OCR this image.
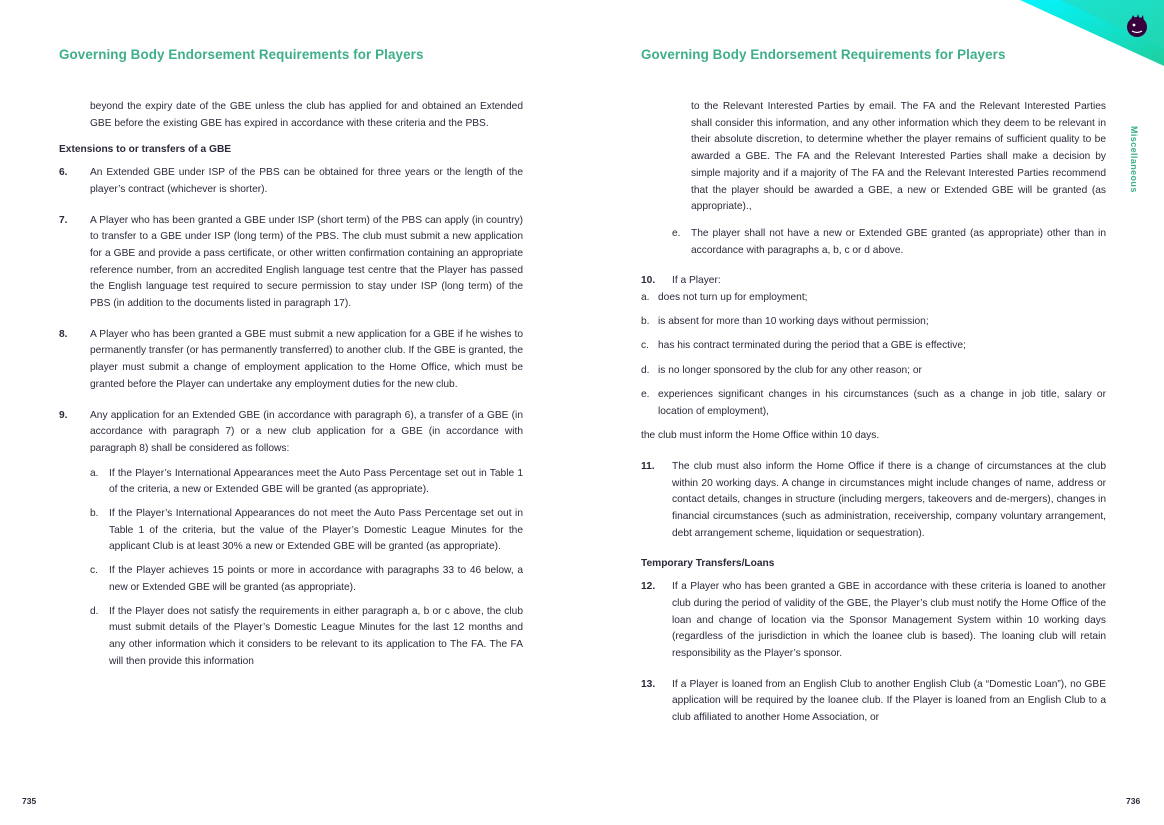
Governing Body Endorsement Requirements for Players

beyond the expiry date of the GBE unless the club has applied for and obtained an Extended GBE before the existing GBE has expired in accordance with these criteria and the PBS.

Extensions to or transfers of a GBE

6. An Extended GBE under ISP of the PBS can be obtained for three years or the length of the player’s contract (whichever is shorter).

7. A Player who has been granted a GBE under ISP (short term) of the PBS can apply (in country) to transfer to a GBE under ISP (long term) of the PBS. The club must submit a new application for a GBE and provide a pass certificate, or other written confirmation containing an appropriate reference number, from an accredited English language test centre that the Player has passed the English language test required to secure permission to stay under ISP (long term) of the PBS (in addition to the documents listed in paragraph 17).

8. A Player who has been granted a GBE must submit a new application for a GBE if he wishes to permanently transfer (or has permanently transferred) to another club. If the GBE is granted, the player must submit a change of employment application to the Home Office, which must be granted before the Player can undertake any employment duties for the new club.

9. Any application for an Extended GBE (in accordance with paragraph 6), a transfer of a GBE (in accordance with paragraph 7) or a new club application for a GBE (in accordance with paragraph 8) shall be considered as follows:

a. If the Player’s International Appearances meet the Auto Pass Percentage set out in Table 1 of the criteria, a new or Extended GBE will be granted (as appropriate).

b. If the Player’s International Appearances do not meet the Auto Pass Percentage set out in Table 1 of the criteria, but the value of the Player’s Domestic League Minutes for the applicant Club is at least 30% a new or Extended GBE will be granted (as appropriate).

c. If the Player achieves 15 points or more in accordance with paragraphs 33 to 46 below, a new or Extended GBE will be granted (as appropriate).

d. If the Player does not satisfy the requirements in either paragraph a, b or c above, the club must submit details of the Player’s Domestic League Minutes for the last 12 months and any other information which it considers to be relevant to its application to The FA. The FA will then provide this information

735
Governing Body Endorsement Requirements for Players

to the Relevant Interested Parties by email. The FA and the Relevant Interested Parties shall consider this information, and any other information which they deem to be relevant in their absolute discretion, to determine whether the player remains of sufficient quality to be awarded a GBE. The FA and the Relevant Interested Parties shall make a decision by simple majority and if a majority of The FA and the Relevant Interested Parties recommend that the player should be awarded a GBE, a new or Extended GBE will be granted (as appropriate).,

e. The player shall not have a new or Extended GBE granted (as appropriate) other than in accordance with paragraphs a, b, c or d above.

10. If a Player:

a. does not turn up for employment;

b. is absent for more than 10 working days without permission;

c. has his contract terminated during the period that a GBE is effective;

d. is no longer sponsored by the club for any other reason; or

e. experiences significant changes in his circumstances (such as a change in job title, salary or location of employment),

the club must inform the Home Office within 10 days.

11. The club must also inform the Home Office if there is a change of circumstances at the club within 20 working days. A change in circumstances might include changes of name, address or contact details, changes in structure (including mergers, takeovers and de-mergers), changes in financial circumstances (such as administration, receivership, company voluntary arrangement, debt arrangement scheme, liquidation or sequestration).

Temporary Transfers/Loans

12. If a Player who has been granted a GBE in accordance with these criteria is loaned to another club during the period of validity of the GBE, the Player’s club must notify the Home Office of the loan and change of location via the Sponsor Management System within 10 working days (regardless of the jurisdiction in which the loanee club is based). The loaning club will retain responsibility as the Player’s sponsor.

13. If a Player is loaned from an English Club to another English Club (a “Domestic Loan”), no GBE application will be required by the loanee club. If the Player is loaned from an English Club to a club affiliated to another Home Association, or

736
Miscellaneous
